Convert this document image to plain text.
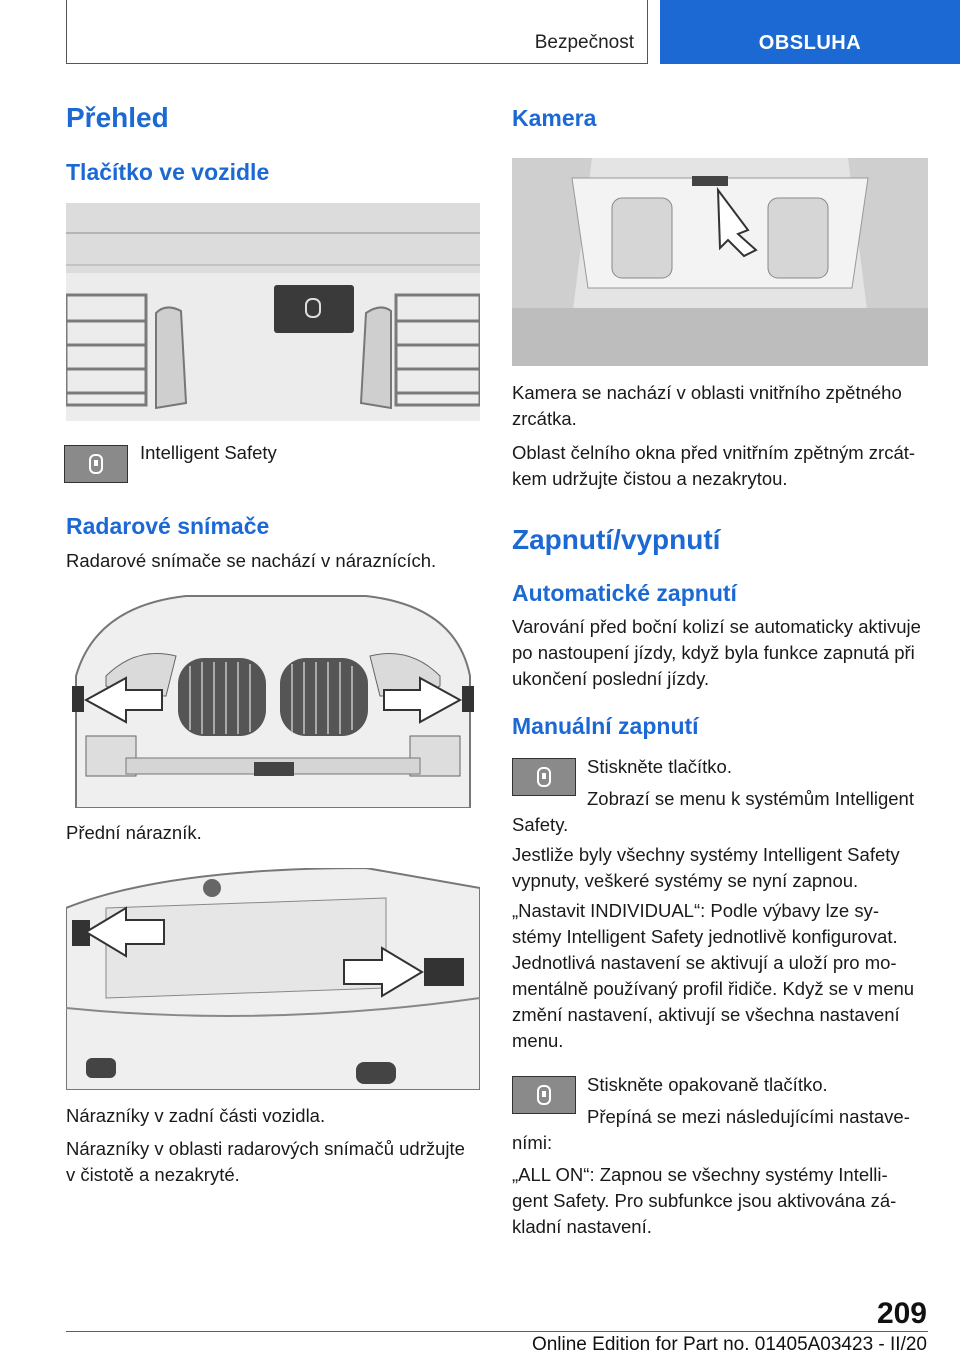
Bezpečnost	OBSLUHA
Přehled
Tlačítko ve vozidle
Intelligent Safety
Radarové snímače
Radarové snímače se nachází v náraznících.
Přední nárazník.
Nárazníky v zadní části vozidla.
Nárazníky v oblasti radarových snímačů udržujte
v čistotě a nezakryté.
Kamera
Kamera se nachází v oblasti vnitřního zpětného
zrcátka.
Oblast čelního okna před vnitřním zpětným zrcát-
kem udržujte čistou a nezakrytou.
Zapnutí/vypnutí
Automatické zapnutí
Varování před boční kolizí se automaticky aktivuje
po nastoupení jízdy, když byla funkce zapnutá při
ukončení poslední jízdy.
Manuální zapnutí
Stiskněte tlačítko.
Zobrazí se menu k systémům Intelligent
Safety.
Jestliže byly všechny systémy Intelligent Safety
vypnuty, veškeré systémy se nyní zapnou.
„Nastavit INDIVIDUAL“: Podle výbavy lze sy-
stémy Intelligent Safety jednotlivě konfigurovat.
Jednotlivá nastavení se aktivují a uloží pro mo-
mentálně používaný profil řidiče. Když se v menu
změní nastavení, aktivují se všechna nastavení
menu.
Stiskněte opakovaně tlačítko.
Přepíná se mezi následujícími nastave-
ními:
„ALL ON“: Zapnou se všechny systémy Intelli-
gent Safety. Pro subfunkce jsou aktivována zá-
kladní nastavení.
209
Online Edition for Part no. 01405A03423 - II/20
